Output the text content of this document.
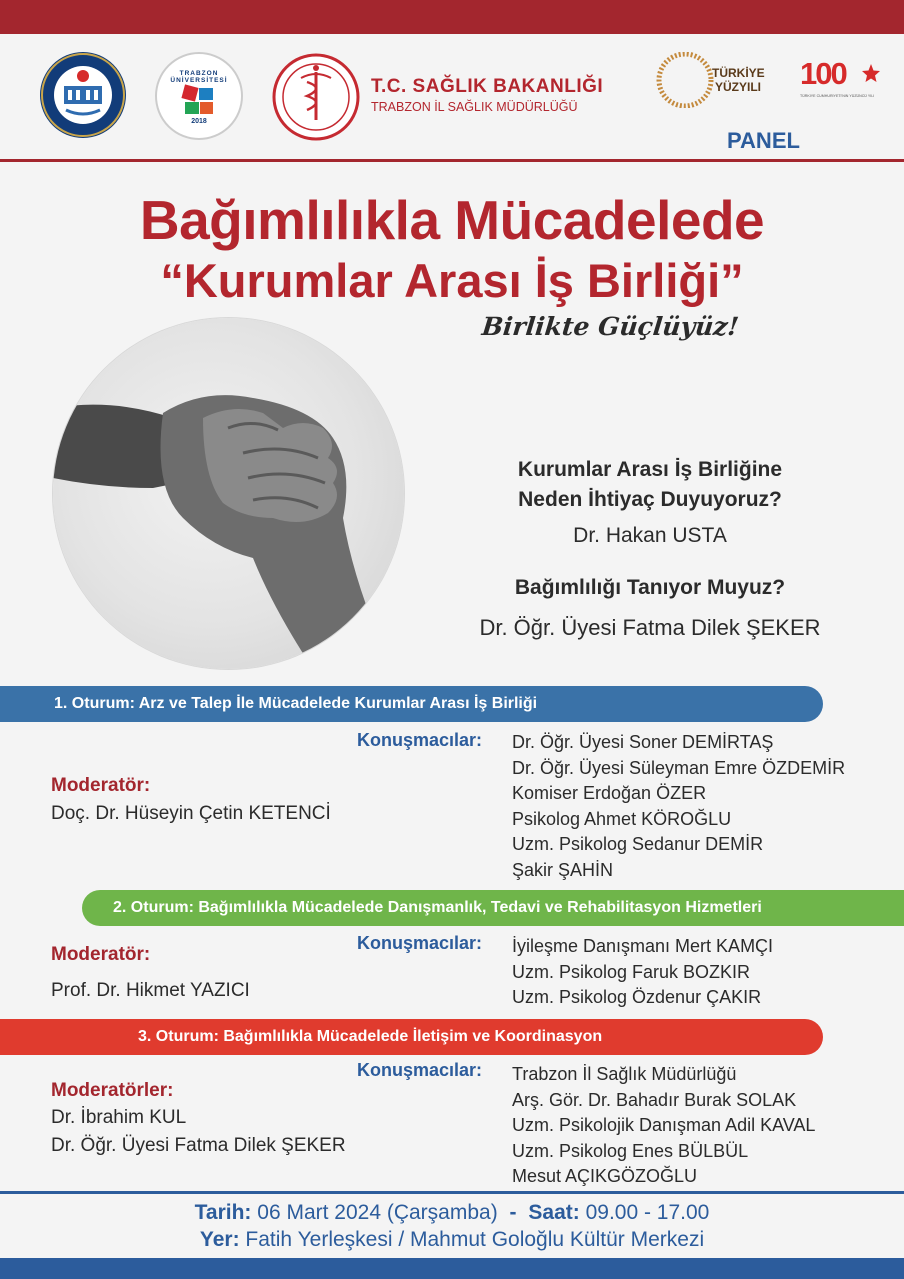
TRABZON ÜNİVERSİTESİ
2018
T.C. SAĞLIK BAKANLIĞI
TRABZON İL SAĞLIK MÜDÜRLÜĞÜ
TÜRKİYE
YÜZYILI 100
TÜRKİYE CUMHURİYETİ'NİN YÜZÜNCÜ YILI
PANEL
Bağımlılıkla Mücadelede
“Kurumlar Arası İş Birliği”
Birlikte Güçlüyüz!
Kurumlar Arası İş Birliğine
Neden İhtiyaç Duyuyoruz?
Dr. Hakan USTA
Bağımlılığı Tanıyor Muyuz?
Dr. Öğr. Üyesi Fatma Dilek ŞEKER
1. Oturum: Arz ve Talep İle Mücadelede Kurumlar Arası İş Birliği
Konuşmacılar:
Moderatör:
Doç. Dr. Hüseyin Çetin KETENCİ
Dr. Öğr. Üyesi Soner DEMİRTAŞ
Dr. Öğr. Üyesi Süleyman Emre ÖZDEMİR
Komiser Erdoğan ÖZER
Psikolog Ahmet KÖROĞLU
Uzm. Psikolog Sedanur DEMİR
Şakir ŞAHİN
2. Oturum: Bağımlılıkla Mücadelede Danışmanlık, Tedavi ve Rehabilitasyon Hizmetleri
Konuşmacılar:
Moderatör:
Prof. Dr. Hikmet YAZICI
İyileşme Danışmanı Mert KAMÇI
Uzm. Psikolog Faruk BOZKIR
Uzm. Psikolog Özdenur ÇAKIR
3. Oturum: Bağımlılıkla Mücadelede İletişim ve Koordinasyon
Konuşmacılar:
Moderatörler:
Dr. İbrahim KUL
Dr. Öğr. Üyesi Fatma Dilek ŞEKER
Trabzon İl Sağlık Müdürlüğü
Arş. Gör. Dr. Bahadır Burak SOLAK
Uzm. Psikolojik Danışman Adil KAVAL
Uzm. Psikolog Enes BÜLBÜL
Mesut AÇIKGÖZOĞLU
Tarih: 06 Mart 2024 (Çarşamba) - Saat: 09.00 - 17.00
Yer: Fatih Yerleşkesi / Mahmut Goloğlu Kültür Merkezi
